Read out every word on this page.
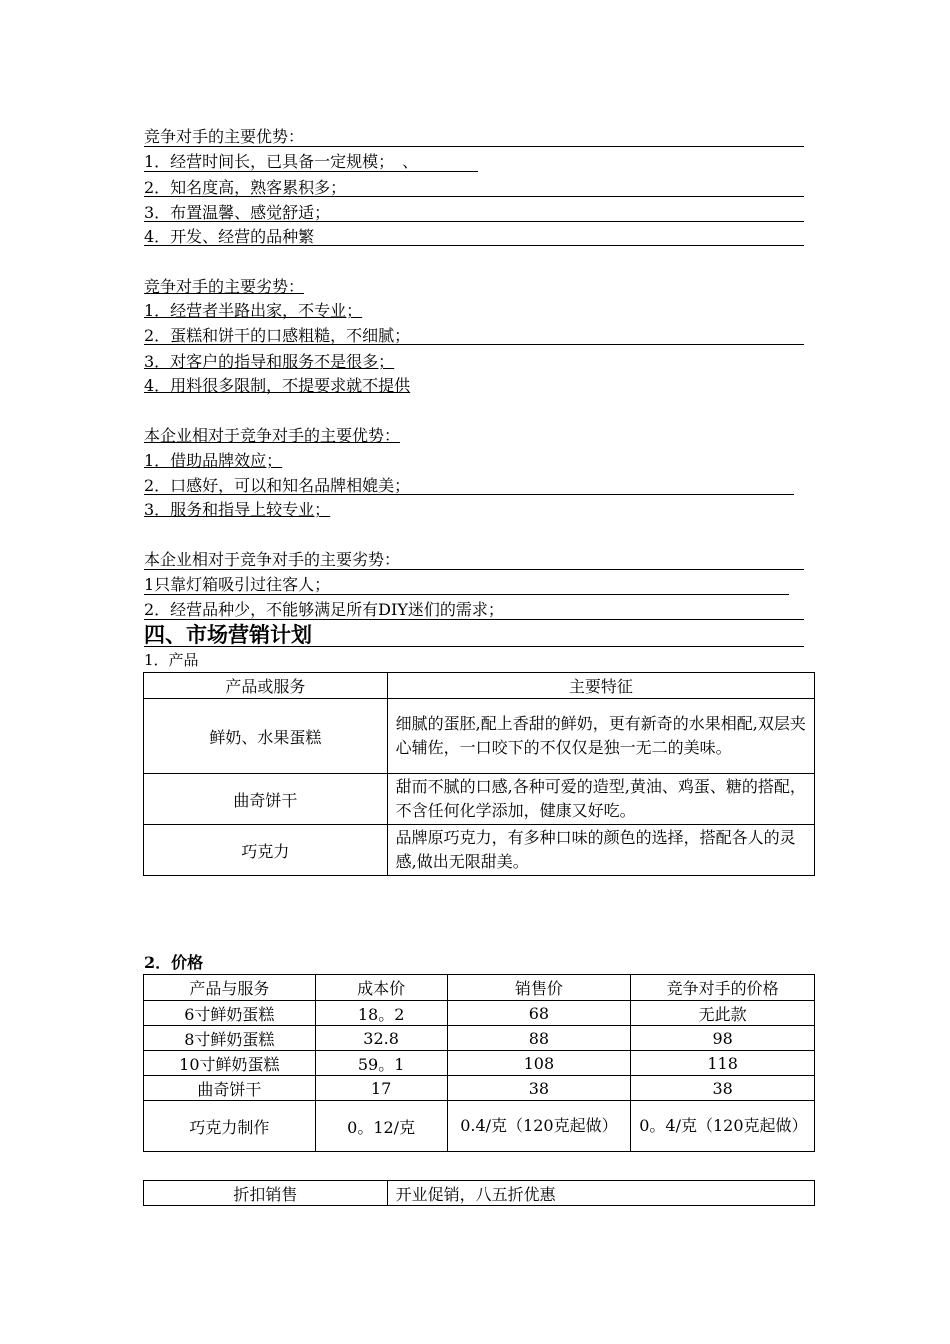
竞争对手的主要优势：
1．经营时间长，已具备一定规模；　、
2．知名度高，熟客累积多；
3．布置温馨、感觉舒适；
4．开发、经营的品种繁
竞争对手的主要劣势：
1．经营者半路出家，不专业；
2．蛋糕和饼干的口感粗糙，不细腻；
3．对客户的指导和服务不是很多；
4．用料很多限制，不提要求就不提供
本企业相对于竞争对手的主要优势：
1．借助品牌效应；
2．口感好，可以和知名品牌相媲美；
3．服务和指导上较专业；
本企业相对于竞争对手的主要劣势：
1只靠灯箱吸引过往客人；
2．经营品种少，不能够满足所有DIY迷们的需求；
四、市场营销计划
1．产品
产品或服务	主要特征
鲜奶、水果蛋糕	细腻的蛋胚,配上香甜的鲜奶，更有新奇的水果相配,双层夹心辅佐，一口咬下的不仅仅是独一无二的美味。
曲奇饼干	甜而不腻的口感,各种可爱的造型,黄油、鸡蛋、糖的搭配，不含任何化学添加，健康又好吃。
巧克力	品牌原巧克力，有多种口味的颜色的选择，搭配各人的灵感,做出无限甜美。
2．价格
产品与服务	成本价	销售价	竞争对手的价格
6寸鲜奶蛋糕	18。2	68	无此款
8寸鲜奶蛋糕	32.8	88	98
10寸鲜奶蛋糕	59。1	108	118
曲奇饼干	17	38	38
巧克力制作	0。12/克	0.4/克（120克起做）	0。4/克（120克起做）
折扣销售	开业促销，八五折优惠
